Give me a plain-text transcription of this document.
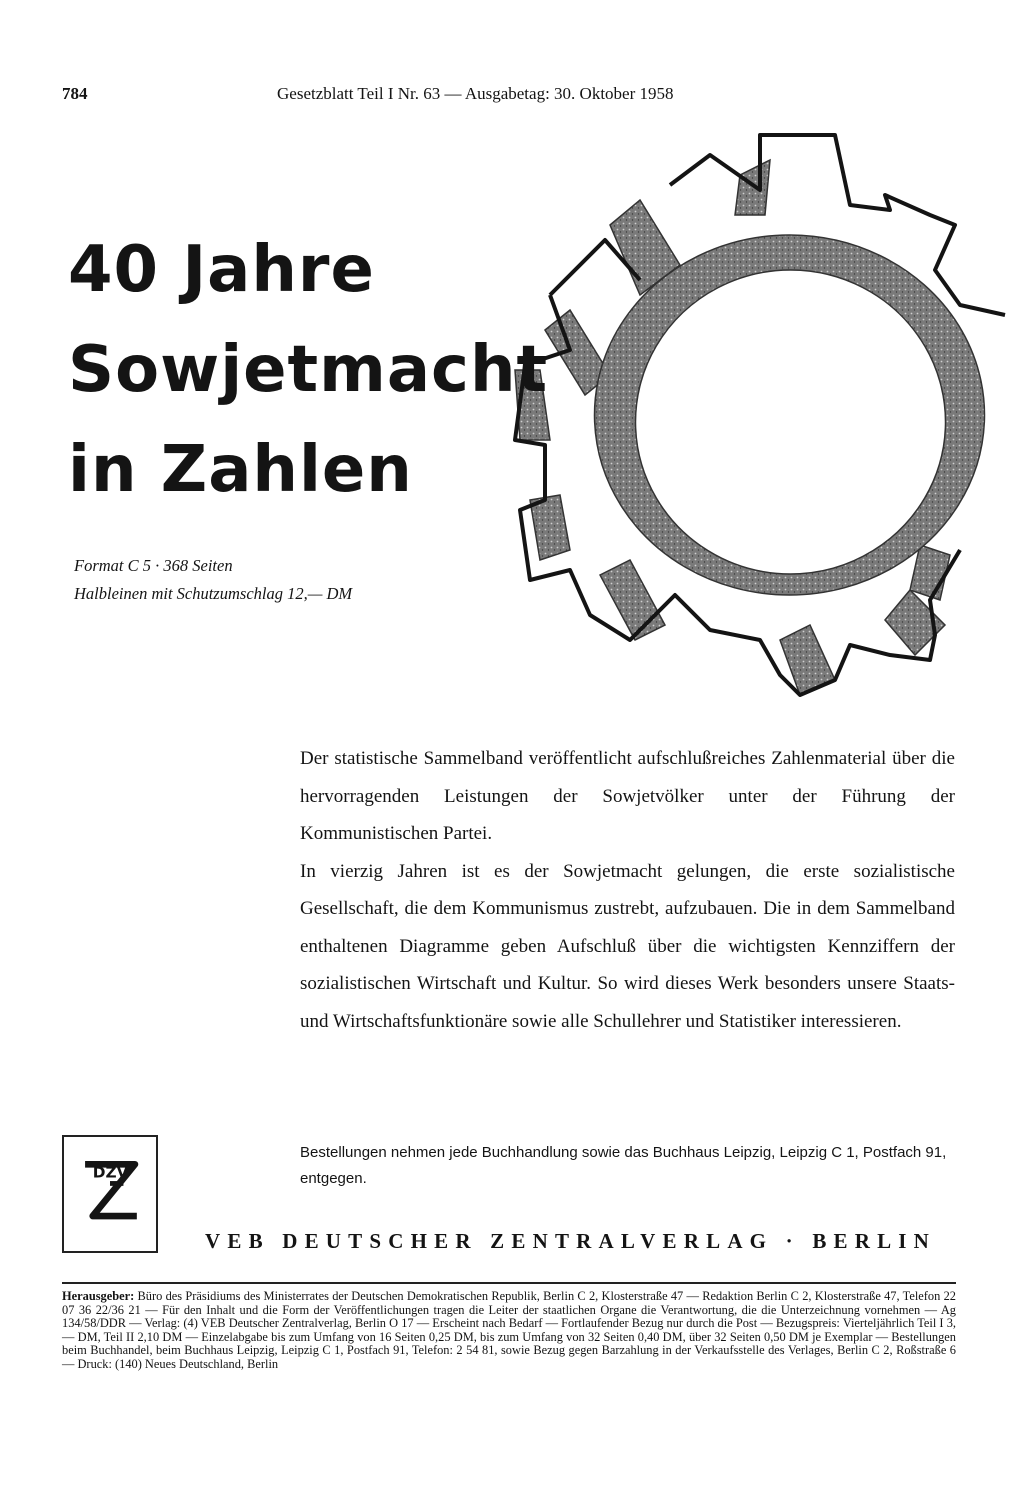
784	Gesetzblatt Teil I Nr. 63 — Ausgabetag: 30. Oktober 1958
40 Jahre
Sowjetmacht
in Zahlen
Format C 5 · 368 Seiten
Halbleinen mit Schutzumschlag 12,— DM

Der statistische Sammelband veröffentlicht aufschlußreiches Zahlenmaterial über die hervorragenden Leistungen der Sowjetvölker unter der Führung der Kommunistischen Partei.

In vierzig Jahren ist es der Sowjetmacht gelungen, die erste sozialistische Gesellschaft, die dem Kommunismus zustrebt, aufzubauen. Die in dem Sammelband enthaltenen Diagramme geben Aufschluß über die wichtigsten Kennziffern der sozialistischen Wirtschaft und Kultur. So wird dieses Werk besonders unsere Staats- und Wirtschaftsfunktionäre sowie alle Schullehrer und Statistiker interessieren.

DZV
Bestellungen nehmen jede Buchhandlung sowie das Buchhaus Leipzig, Leipzig C 1, Postfach 91, entgegen.
VEB DEUTSCHER ZENTRALVERLAG · BERLIN
Herausgeber: Büro des Präsidiums des Ministerrates der Deutschen Demokratischen Republik, Berlin C 2, Klosterstraße 47 — Redaktion Berlin C 2, Klosterstraße 47, Telefon 22 07 36 22/36 21 — Für den Inhalt und die Form der Veröffentlichungen tragen die Leiter der staatlichen Organe die Verantwortung, die die Unterzeichnung vornehmen — Ag 134/58/DDR — Verlag: (4) VEB Deutscher Zentralverlag, Berlin O 17 — Erscheint nach Bedarf — Fortlaufender Bezug nur durch die Post — Bezugspreis: Vierteljährlich Teil I 3,— DM, Teil II 2,10 DM — Einzelabgabe bis zum Umfang von 16 Seiten 0,25 DM, bis zum Umfang von 32 Seiten 0,40 DM, über 32 Seiten 0,50 DM je Exemplar — Bestellungen beim Buchhandel, beim Buchhaus Leipzig, Leipzig C 1, Postfach 91, Telefon: 2 54 81, sowie Bezug gegen Barzahlung in der Verkaufsstelle des Verlages, Berlin C 2, Roßstraße 6 — Druck: (140) Neues Deutschland, Berlin
